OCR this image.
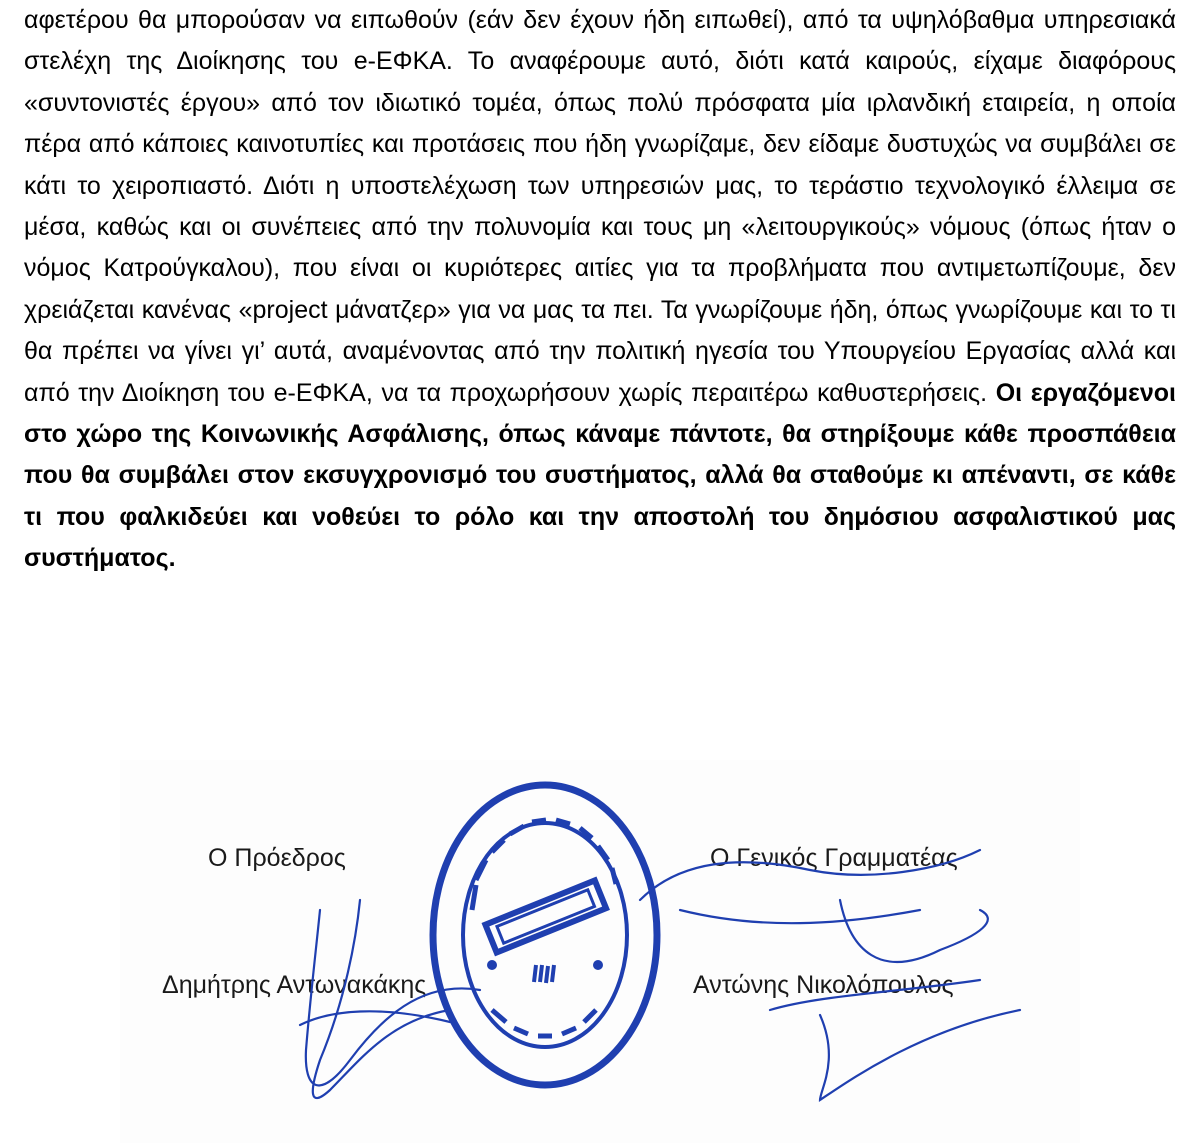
αφετέρου θα μπορούσαν να ειπωθούν (εάν δεν έχουν ήδη ειπωθεί), από τα υψηλόβαθμα υπηρεσιακά στελέχη της Διοίκησης του e-ΕΦΚΑ. Το αναφέρουμε αυτό, διότι κατά καιρούς, είχαμε διαφόρους «συντονιστές έργου» από τον ιδιωτικό τομέα, όπως πολύ πρόσφατα μία ιρλανδική εταιρεία, η οποία πέρα από κάποιες καινοτυπίες και προτάσεις που ήδη γνωρίζαμε, δεν είδαμε δυστυχώς να συμβάλει σε κάτι το χειροπιαστό. Διότι η υποστελέχωση των υπηρεσιών μας, το τεράστιο τεχνολογικό έλλειμα σε μέσα, καθώς και οι συνέπειες από την πολυνομία και τους μη «λειτουργικούς» νόμους (όπως ήταν ο νόμος Κατρούγκαλου), που είναι οι κυριότερες αιτίες για τα προβλήματα που αντιμετωπίζουμε, δεν χρειάζεται κανένας «project μάνατζερ» για να μας τα πει. Τα γνωρίζουμε ήδη, όπως γνωρίζουμε και το τι θα πρέπει να γίνει γι’ αυτά, αναμένοντας από την πολιτική ηγεσία του Υπουργείου Εργασίας αλλά και από την Διοίκηση του e-ΕΦΚΑ, να τα προχωρήσουν χωρίς περαιτέρω καθυστερήσεις. Οι εργαζόμενοι στο χώρο της Κοινωνικής Ασφάλισης, όπως κάναμε πάντοτε, θα στηρίξουμε κάθε προσπάθεια που θα συμβάλει στον εκσυγχρονισμό του συστήματος, αλλά θα σταθούμε κι απέναντι, σε κάθε τι που φαλκιδεύει και νοθεύει το ρόλο και την αποστολή του δημόσιου ασφαλιστικού μας συστήματος.

Ο Πρόεδρος
Δημήτρης Αντωνακάκης
Ο Γενικός Γραμματέας
Αντώνης Νικολόπουλος
